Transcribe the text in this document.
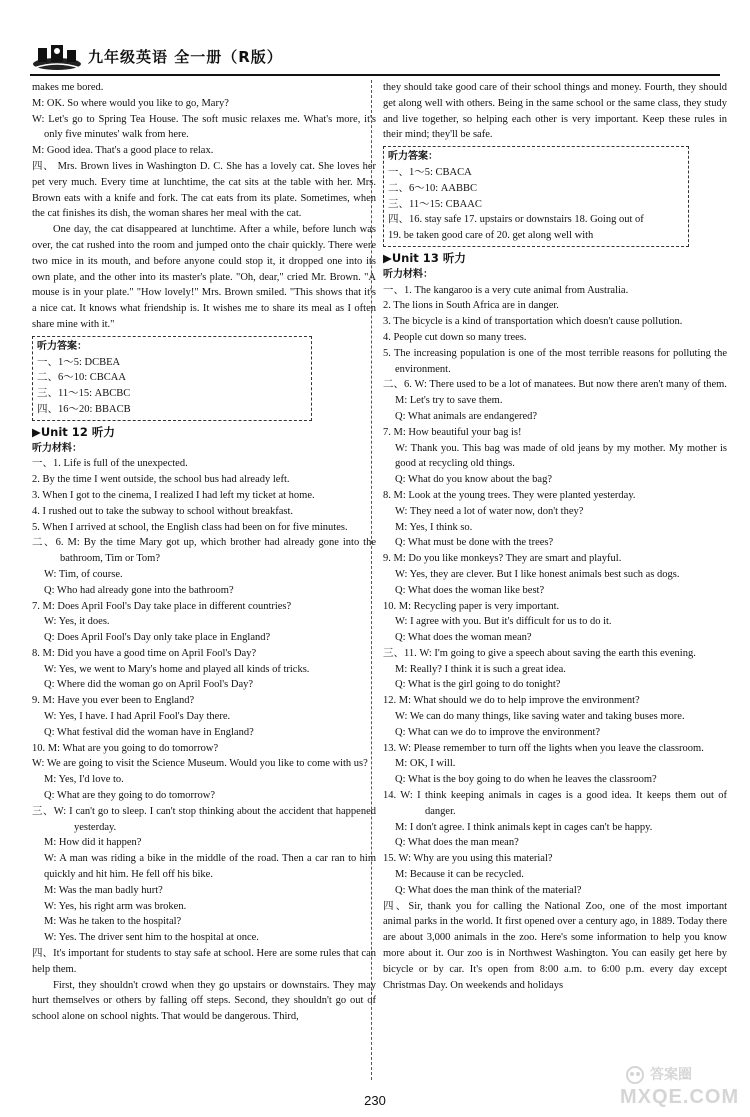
九年级英语 全一册（R版）

makes me bored.

M: OK. So where would you like to go, Mary?

W: Let's go to Spring Tea House. The soft music relaxes me. What's more, it's only five minutes' walk from here.

M: Good idea. That's a good place to relax.

四、 Mrs. Brown lives in Washington D. C. She has a lovely cat. She loves her pet very much. Every time at lunchtime, the cat sits at the table with her. Mrs. Brown eats with a knife and fork. The cat eats from its plate. Sometimes, when the cat finishes its dish, the woman shares her meal with the cat.

One day, the cat disappeared at lunchtime. After a while, before lunch was over, the cat rushed into the room and jumped onto the chair quickly. There were two mice in its mouth, and before anyone could stop it, it dropped one into its own plate, and the other into its master's plate. "Oh, dear," cried Mr. Brown. "A mouse is in your plate." "How lovely!" Mrs. Brown smiled. "This shows that it's a nice cat. It knows what friendship is. It wishes me to share its meal as I often share mine with it."

听力答案：
一、1～5: DCBEA
二、6～10: CBCAA
三、11～15: ABCBC
四、16～20: BBACB
▶Unit 12 听力
听力材料：

一、1. Life is full of the unexpected.

2. By the time I went outside, the school bus had already left.

3. When I got to the cinema, I realized I had left my ticket at home.

4. I rushed out to take the subway to school without breakfast.

5. When I arrived at school, the English class had been on for five minutes.

二、6. M: By the time Mary got up, which brother had already gone into the bathroom, Tim or Tom?

W: Tim, of course.

Q: Who had already gone into the bathroom?

7. M: Does April Fool's Day take place in different countries?

W: Yes, it does.

Q: Does April Fool's Day only take place in England?

8. M: Did you have a good time on April Fool's Day?

W: Yes, we went to Mary's home and played all kinds of tricks.

Q: Where did the woman go on April Fool's Day?

9. M: Have you ever been to England?

W: Yes, I have. I had April Fool's Day there.

Q: What festival did the woman have in England?

10. M: What are you going to do tomorrow?

W: We are going to visit the Science Museum. Would you like to come with us?

M: Yes, I'd love to.

Q: What are they going to do tomorrow?

三、W: I can't go to sleep. I can't stop thinking about the accident that happened yesterday.

M: How did it happen?

W: A man was riding a bike in the middle of the road. Then a car ran to him quickly and hit him. He fell off his bike.

M: Was the man badly hurt?

W: Yes, his right arm was broken.

M: Was he taken to the hospital?

W: Yes. The driver sent him to the hospital at once.

四、It's important for students to stay safe at school. Here are some rules that can help them.

First, they shouldn't crowd when they go upstairs or downstairs. They may hurt themselves or others by falling off steps. Second, they shouldn't go out of school alone on school nights. That would be dangerous. Third,

they should take good care of their school things and money. Fourth, they should get along well with others. Being in the same school or the same class, they study and live together, so helping each other is very important. Keep these rules in their mind; they'll be safe.

听力答案：
一、1～5: CBACA
二、6～10: AABBC
三、11～15: CBAAC
四、16. stay safe 17. upstairs or downstairs 18. Going out of
19. be taken good care of 20. get along well with
▶Unit 13 听力
听力材料：

一、1. The kangaroo is a very cute animal from Australia.

2. The lions in South Africa are in danger.

3. The bicycle is a kind of transportation which doesn't cause pollution.

4. People cut down so many trees.

5. The increasing population is one of the most terrible reasons for polluting the environment.

二、6. W: There used to be a lot of manatees. But now there aren't many of them.

M: Let's try to save them.

Q: What animals are endangered?

7. M: How beautiful your bag is!

W: Thank you. This bag was made of old jeans by my mother. My mother is good at recycling old things.

Q: What do you know about the bag?

8. M: Look at the young trees. They were planted yesterday.

W: They need a lot of water now, don't they?

M: Yes, I think so.

Q: What must be done with the trees?

9. M: Do you like monkeys? They are smart and playful.

W: Yes, they are clever. But I like honest animals best such as dogs.

Q: What does the woman like best?

10. M: Recycling paper is very important.

W: I agree with you. But it's difficult for us to do it.

Q: What does the woman mean?

三、11. W: I'm going to give a speech about saving the earth this evening.

M: Really? I think it is such a great idea.

Q: What is the girl going to do tonight?

12. M: What should we do to help improve the environment?

W: We can do many things, like saving water and taking buses more.

Q: What can we do to improve the environment?

13. W: Please remember to turn off the lights when you leave the classroom.

M: OK, I will.

Q: What is the boy going to do when he leaves the classroom?

14. W: I think keeping animals in cages is a good idea. It keeps them out of danger.

M: I don't agree. I think animals kept in cages can't be happy.

Q: What does the man mean?

15. W: Why are you using this material?

M: Because it can be recycled.

Q: What does the man think of the material?

四、Sir, thank you for calling the National Zoo, one of the most important animal parks in the world. It first opened over a century ago, in 1889. Today there are about 3,000 animals in the zoo. Here's some information to help you know more about it. Our zoo is in Northwest Washington. You can easily get here by bicycle or by car. It's open from 8:00 a.m. to 6:00 p.m. every day except Christmas Day. On weekends and holidays

230
答案圈
MXQE.COM
